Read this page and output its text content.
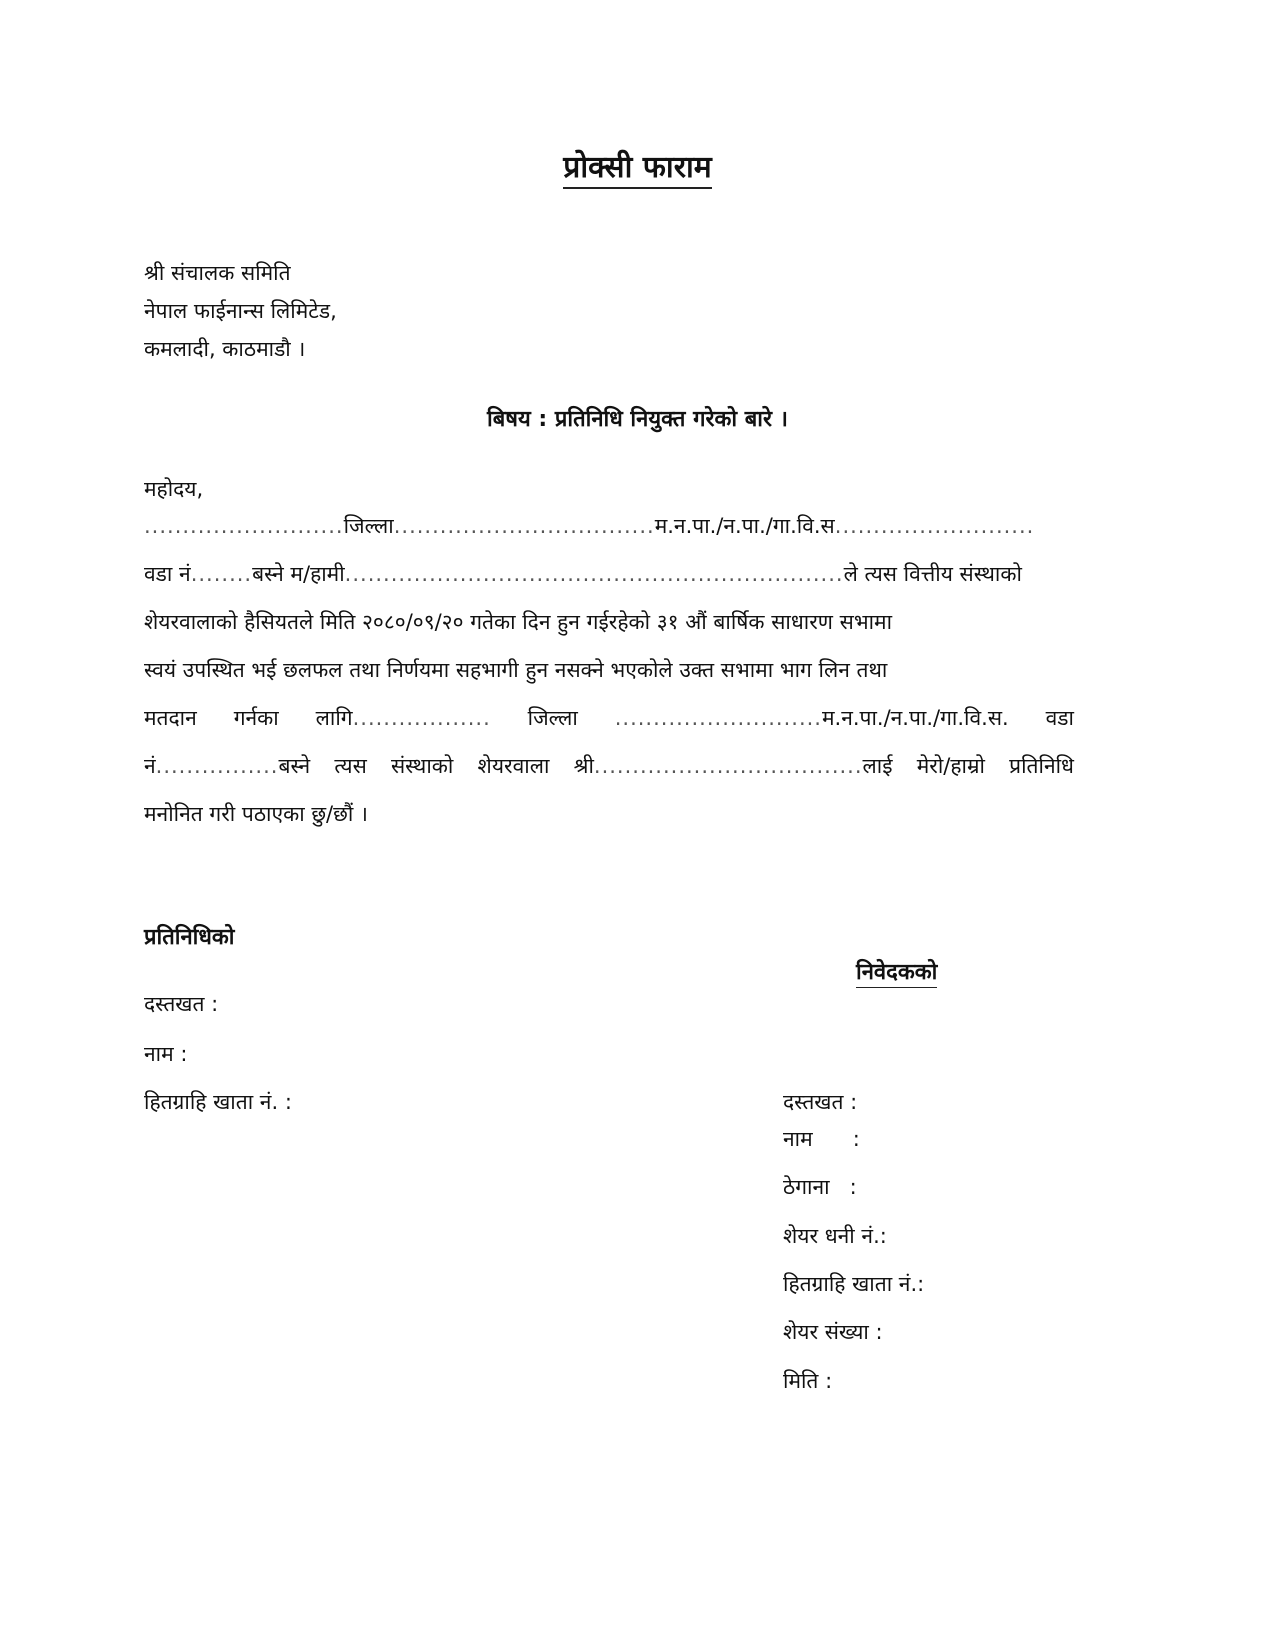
प्रोक्सी फाराम
श्री संचालक समिति
नेपाल फाईनान्स लिमिटेड,
कमलादी, काठमाडौ ।
बिषय : प्रतिनिधि नियुक्त गरेको बारे ।
महोदय,
..........................जिल्ला..................................म.न.पा./न.पा./गा.वि.स..........................
वडा नं........बस्ने म/हामी.................................................................ले त्यस वित्तीय संस्थाको
शेयरवालाको हैसियतले मिति २०८०/०९/२० गतेका दिन हुन गईरहेको ३१ औं बार्षिक साधारण सभामा
स्वयं उपस्थित भई छलफल तथा निर्णयमा सहभागी हुन नसक्ने भएकोले उक्त सभामा भाग लिन तथा
मतदान गर्नका लागि.................. जिल्ला ...........................म.न.पा./न.पा./गा.वि.स. वडा
नं................बस्ने त्यस संस्थाको शेयरवाला श्री...................................लाई मेरो/हाम्रो प्रतिनिधि
मनोनित गरी पठाएका छु/छौं ।
प्रतिनिधिको
दस्तखत :
नाम :
हितग्राहि खाता नं. :
निवेदकको
दस्तखत :
नाम      :
ठेगाना   :
शेयर धनी नं.:
हितग्राहि खाता नं.:
शेयर संख्या :
मिति :
